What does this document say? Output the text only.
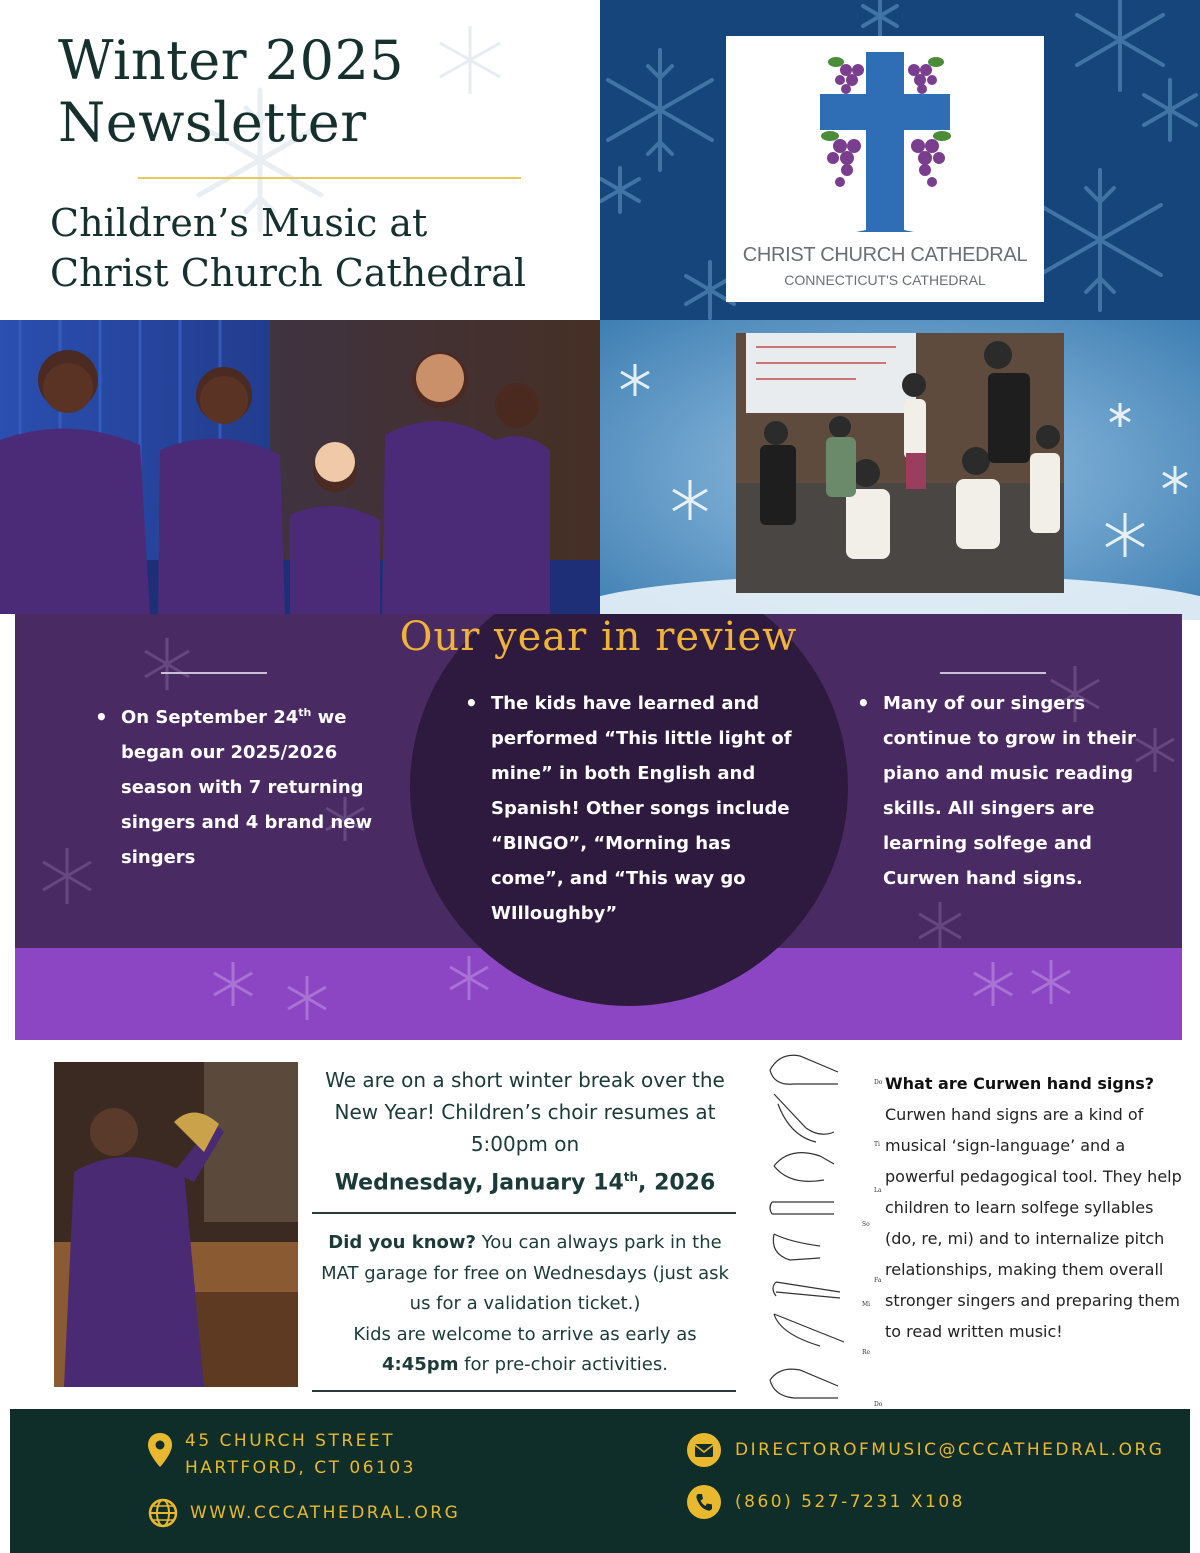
Winter 2025
Newsletter
Children’s Music at
Christ Church Cathedral	CHRIST CHURCH CATHEDRAL
CONNECTICUT'S CATHEDRAL
Our year in review
• On September 24th we began our 2025/2026 season with 7 returning singers and 4 brand new singers
• The kids have learned and performed “This little light of mine” in both English and Spanish! Other songs include “BINGO”, “Morning has come”, and “This way go WIlloughby”
• Many of our singers continue to grow in their piano and music reading skills. All singers are learning solfege and Curwen hand signs.
We are on a short winter break over the New Year! Children’s choir resumes at 5:00pm on
Wednesday, January 14th, 2026
Did you know? You can always park in the MAT garage for free on Wednesdays (just ask us for a validation ticket.)
Kids are welcome to arrive as early as
4:45pm for pre-choir activities.
Do
Ti
La
So
Fa
Mi
Re
Do
What are Curwen hand signs?
Curwen hand signs are a kind of musical ‘sign-language’ and a powerful pedagogical tool. They help children to learn solfege syllables (do, re, mi) and to internalize pitch relationships, making them overall stronger singers and preparing them to read written music!
45 CHURCH STREET
HARTFORD, CT 06103
WWW.CCCATHEDRAL.ORG
DIRECTOROFMUSIC@CCCATHEDRAL.ORG
(860) 527-7231 X108
